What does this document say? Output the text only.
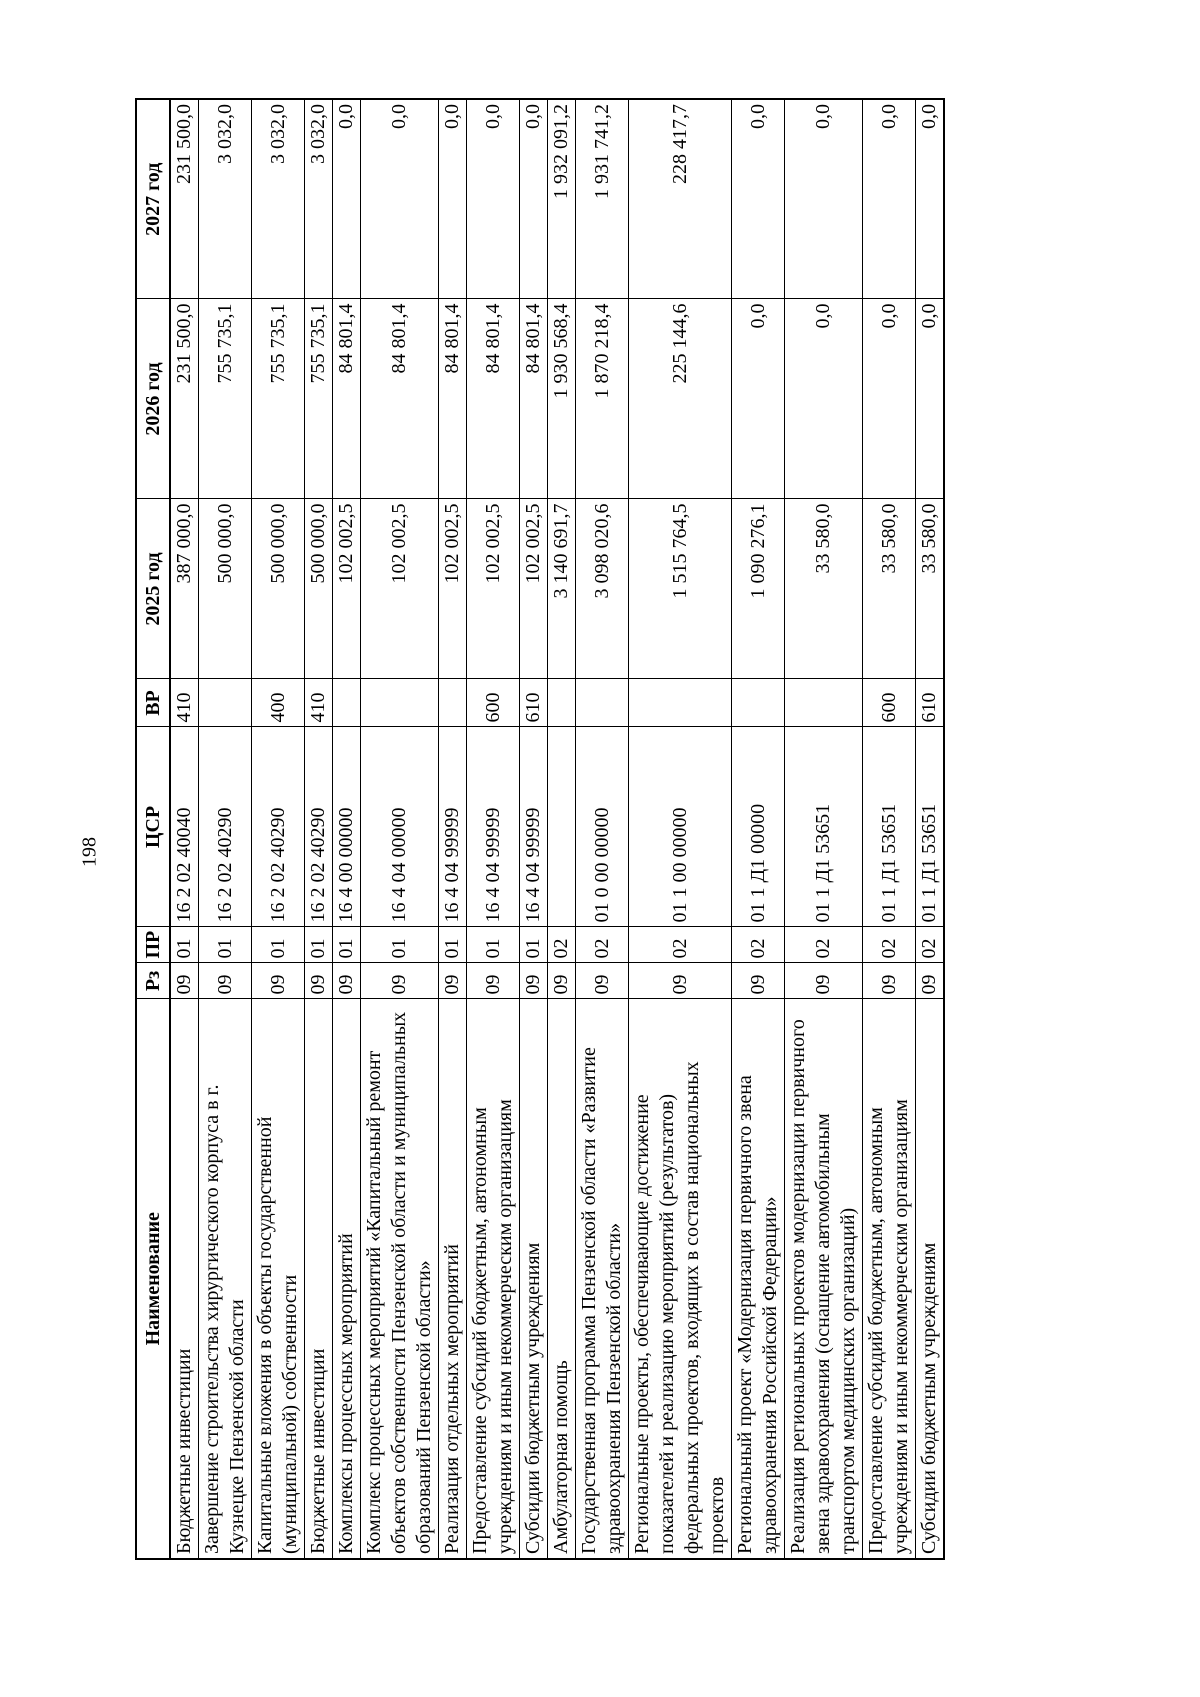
198
Наименование	Рз	ПР	ЦСР	ВР	2025 год	2026 год	2027 год
Бюджетные инвестиции	09	01	16 2 02 40040	410	387 000,0	231 500,0	231 500,0
Завершение строительства хирургического корпуса в г. Кузнецке Пензенской области	09	01	16 2 02 40290		500 000,0	755 735,1	3 032,0
Капитальные вложения в объекты государственной (муниципальной) собственности	09	01	16 2 02 40290	400	500 000,0	755 735,1	3 032,0
Бюджетные инвестиции	09	01	16 2 02 40290	410	500 000,0	755 735,1	3 032,0
Комплексы процессных мероприятий	09	01	16 4 00 00000		102 002,5	84 801,4	0,0
Комплекс процессных мероприятий «Капитальный ремонт объектов собственности Пензенской области и муниципальных образований Пензенской области»	09	01	16 4 04 00000		102 002,5	84 801,4	0,0
Реализация отдельных мероприятий	09	01	16 4 04 99999		102 002,5	84 801,4	0,0
Предоставление субсидий бюджетным, автономным учреждениям и иным некоммерческим организациям	09	01	16 4 04 99999	600	102 002,5	84 801,4	0,0
Субсидии бюджетным учреждениям	09	01	16 4 04 99999	610	102 002,5	84 801,4	0,0
Амбулаторная помощь	09	02			3 140 691,7	1 930 568,4	1 932 091,2
Государственная программа Пензенской области «Развитие здравоохранения Пензенской области»	09	02	01 0 00 00000		3 098 020,6	1 870 218,4	1 931 741,2
Региональные проекты, обеспечивающие достижение показателей и реализацию мероприятий (результатов) федеральных проектов, входящих в состав национальных проектов	09	02	01 1 00 00000		1 515 764,5	225 144,6	228 417,7
Региональный проект «Модернизация первичного звена здравоохранения Российской Федерации»	09	02	01 1 Д1 00000		1 090 276,1	0,0	0,0
Реализация региональных проектов модернизации первичного звена здравоохранения (оснащение автомобильным транспортом медицинских организаций)	09	02	01 1 Д1 53651		33 580,0	0,0	0,0
Предоставление субсидий бюджетным, автономным учреждениям и иным некоммерческим организациям	09	02	01 1 Д1 53651	600	33 580,0	0,0	0,0
Субсидии бюджетным учреждениям	09	02	01 1 Д1 53651	610	33 580,0	0,0	0,0
